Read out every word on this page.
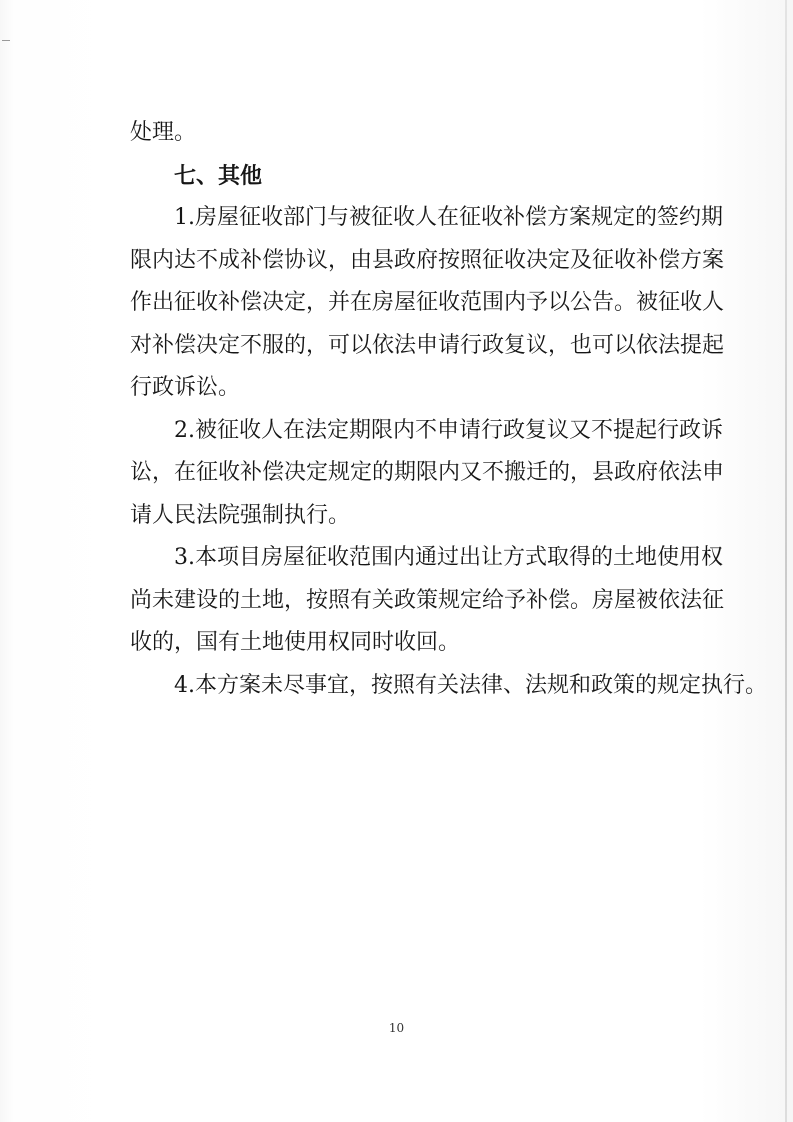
处理。
七、其他
1.房屋征收部门与被征收人在征收补偿方案规定的签约期
限内达不成补偿协议，由县政府按照征收决定及征收补偿方案
作出征收补偿决定，并在房屋征收范围内予以公告。被征收人
对补偿决定不服的，可以依法申请行政复议，也可以依法提起
行政诉讼。
2.被征收人在法定期限内不申请行政复议又不提起行政诉
讼，在征收补偿决定规定的期限内又不搬迁的，县政府依法申
请人民法院强制执行。
3.本项目房屋征收范围内通过出让方式取得的土地使用权
尚未建设的土地，按照有关政策规定给予补偿。房屋被依法征
收的，国有土地使用权同时收回。
4.本方案未尽事宜，按照有关法律、法规和政策的规定执行。
10
